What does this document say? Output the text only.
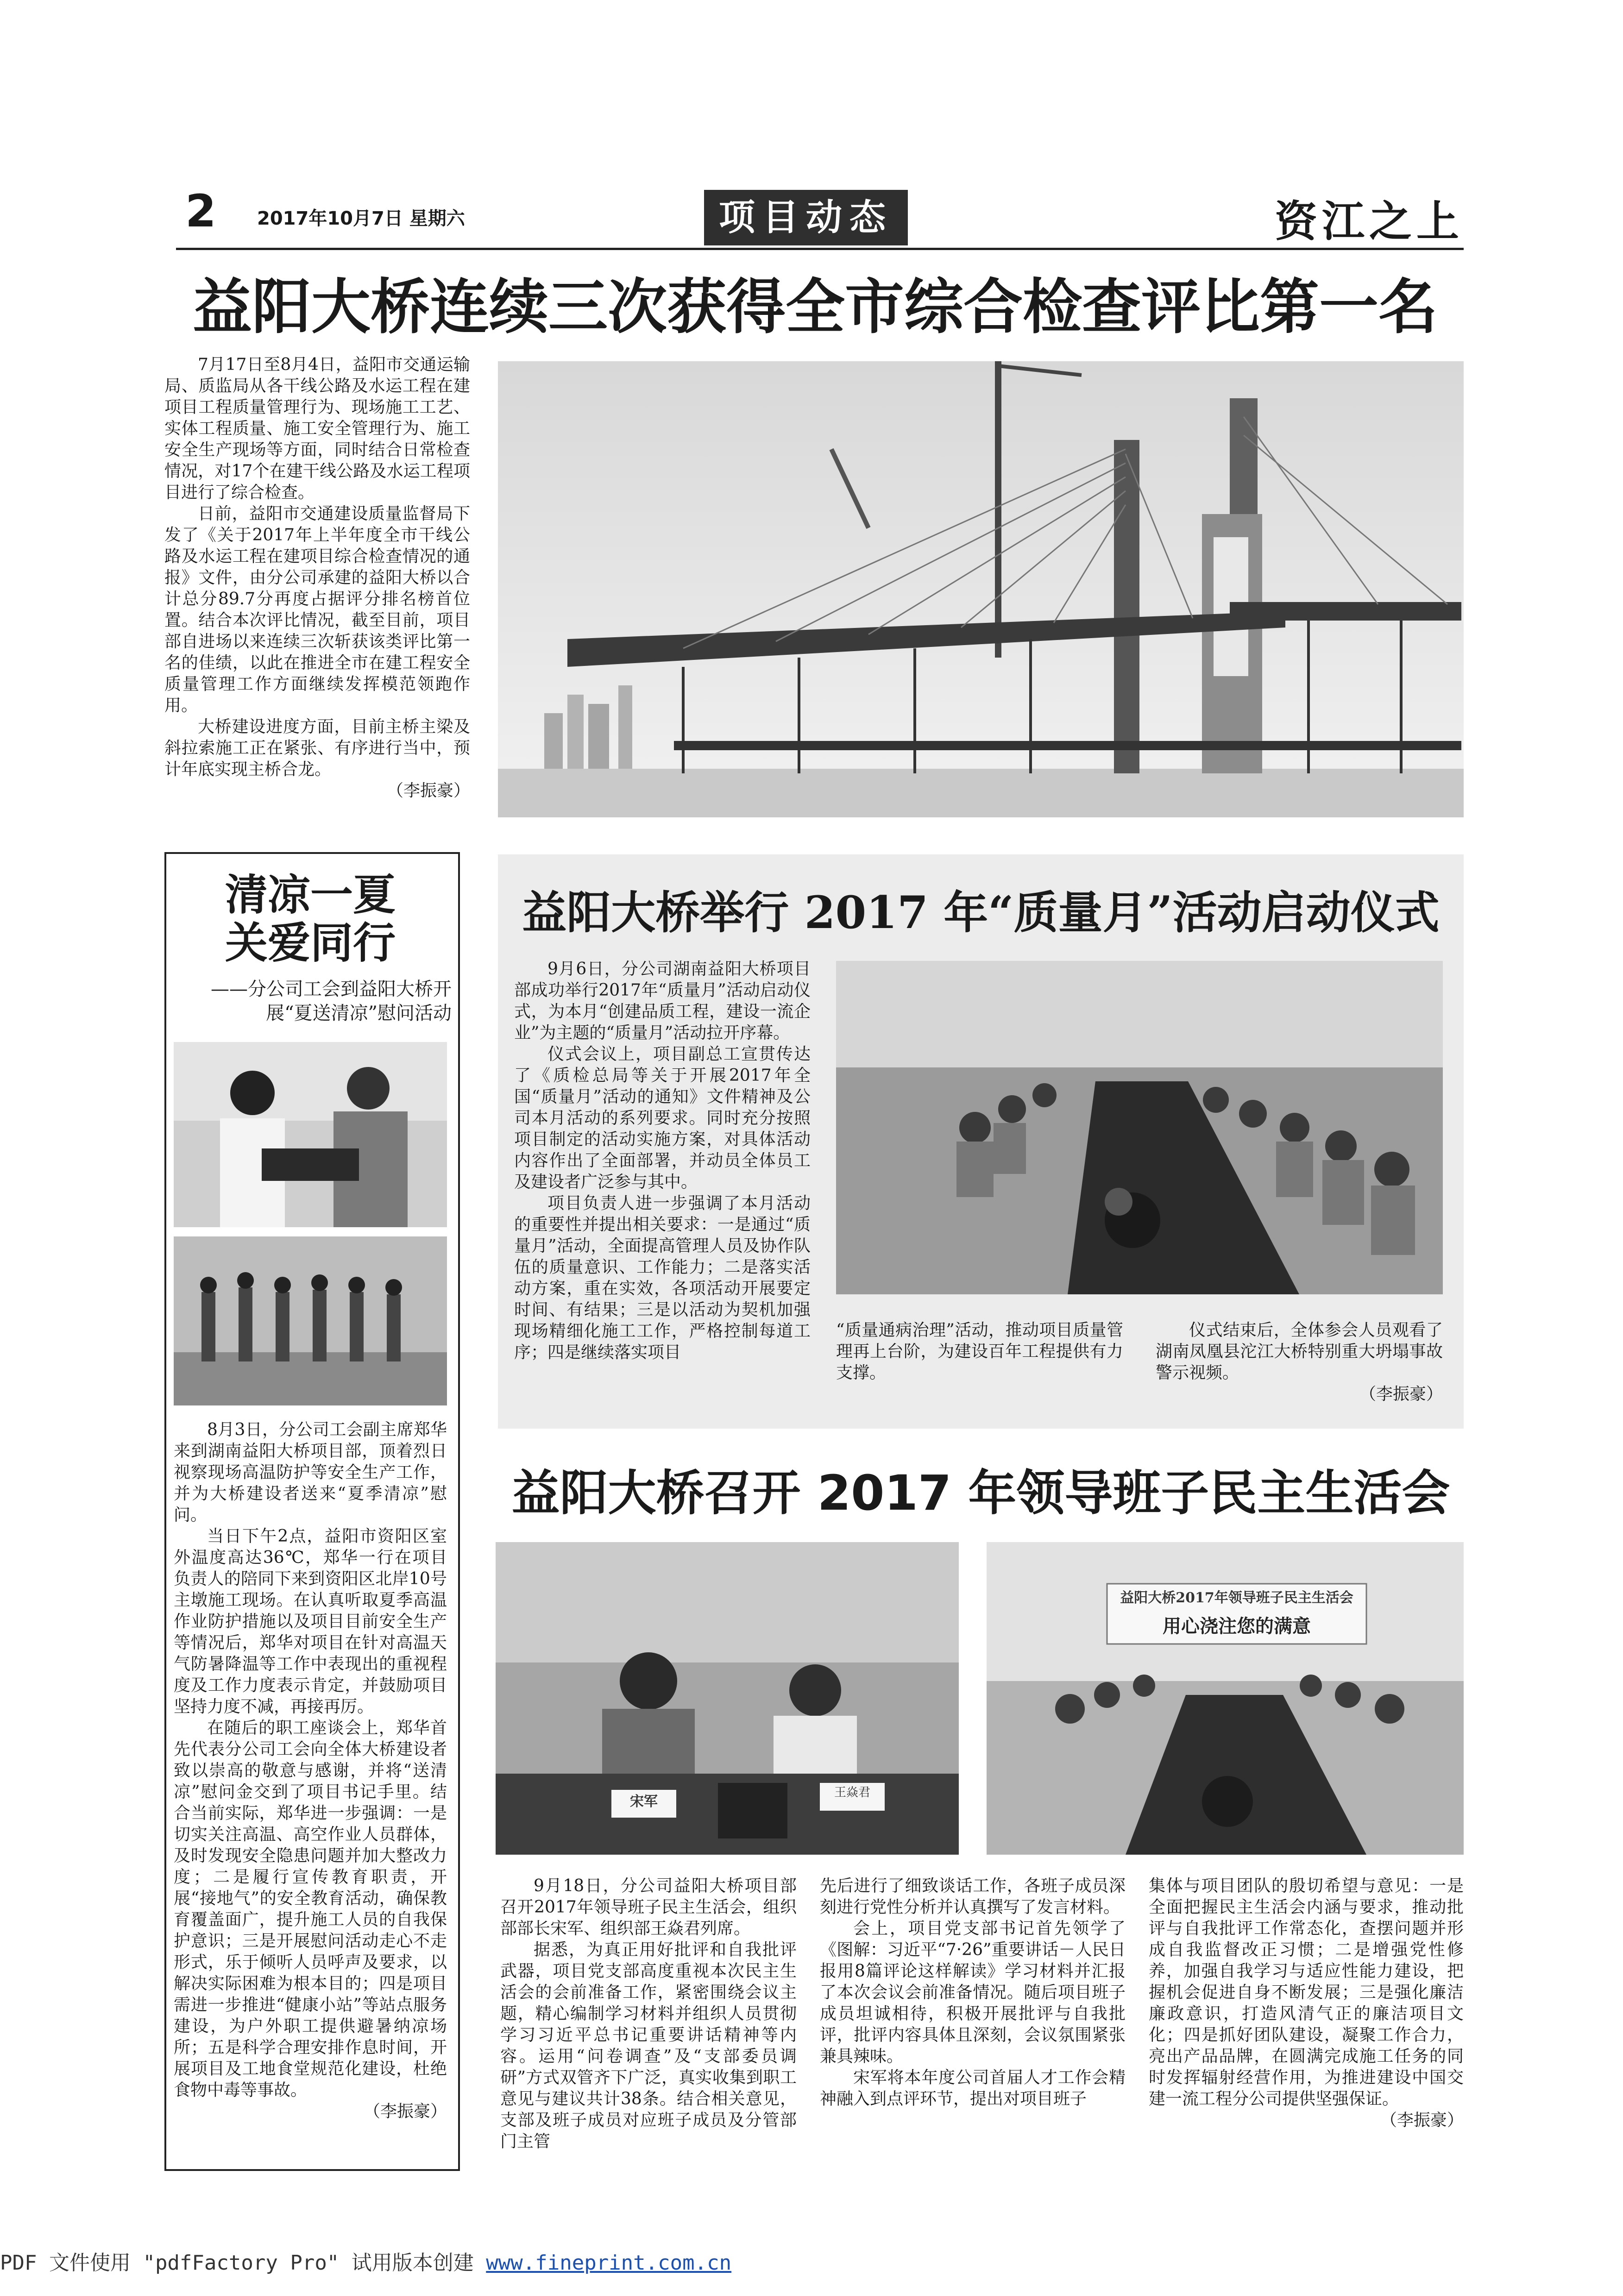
2 2017年10月7日 星期六	项目动态	资江之上
益阳大桥连续三次获得全市综合检查评比第一名

7月17日至8月4日，益阳市交通运输局、质监局从各干线公路及水运工程在建项目工程质量管理行为、现场施工工艺、实体工程质量、施工安全管理行为、施工安全生产现场等方面，同时结合日常检查情况，对17个在建干线公路及水运工程项目进行了综合检查。

日前，益阳市交通建设质量监督局下发了《关于2017年上半年度全市干线公路及水运工程在建项目综合检查情况的通报》文件，由分公司承建的益阳大桥以合计总分89.7分再度占据评分排名榜首位置。结合本次评比情况，截至目前，项目部自进场以来连续三次斩获该类评比第一名的佳绩，以此在推进全市在建工程安全质量管理工作方面继续发挥模范领跑作用。

大桥建设进度方面，目前主桥主梁及斜拉索施工正在紧张、有序进行当中，预计年底实现主桥合龙。

（李振豪）
清凉一夏
关爱同行
——分公司工会到益阳大桥开展“夏送清凉”慰问活动

8月3日，分公司工会副主席郑华来到湖南益阳大桥项目部，顶着烈日视察现场高温防护等安全生产工作，并为大桥建设者送来“夏季清凉”慰问。

当日下午2点，益阳市资阳区室外温度高达36℃，郑华一行在项目负责人的陪同下来到资阳区北岸10号主墩施工现场。在认真听取夏季高温作业防护措施以及项目目前安全生产等情况后，郑华对项目在针对高温天气防暑降温等工作中表现出的重视程度及工作力度表示肯定，并鼓励项目坚持力度不减，再接再厉。

在随后的职工座谈会上，郑华首先代表分公司工会向全体大桥建设者致以崇高的敬意与感谢，并将“送清凉”慰问金交到了项目书记手里。结合当前实际，郑华进一步强调：一是切实关注高温、高空作业人员群体，及时发现安全隐患问题并加大整改力度；二是履行宣传教育职责，开展“接地气”的安全教育活动，确保教育覆盖面广，提升施工人员的自我保护意识；三是开展慰问活动走心不走形式，乐于倾听人员呼声及要求，以解决实际困难为根本目的；四是项目需进一步推进“健康小站”等站点服务建设，为户外职工提供避暑纳凉场所；五是科学合理安排作息时间，开展项目及工地食堂规范化建设，杜绝食物中毒等事故。

（李振豪）
益阳大桥举行 2017 年“质量月”活动启动仪式

9月6日，分公司湖南益阳大桥项目部成功举行2017年“质量月”活动启动仪式，为本月“创建品质工程，建设一流企业”为主题的“质量月”活动拉开序幕。

仪式会议上，项目副总工宣贯传达了《质检总局等关于开展2017年全国“质量月”活动的通知》文件精神及公司本月活动的系列要求。同时充分按照项目制定的活动实施方案，对具体活动内容作出了全面部署，并动员全体员工及建设者广泛参与其中。

项目负责人进一步强调了本月活动的重要性并提出相关要求：一是通过“质量月”活动，全面提高管理人员及协作队伍的质量意识、工作能力；二是落实活动方案，重在实效，各项活动开展要定时间、有结果；三是以活动为契机加强现场精细化施工工作，严格控制每道工序；四是继续落实项目

“质量通病治理”活动，推动项目质量管理再上台阶，为建设百年工程提供有力支撑。

仪式结束后，全体参会人员观看了湖南凤凰县沱江大桥特别重大坍塌事故警示视频。

（李振豪）
益阳大桥召开 2017 年领导班子民主生活会
宋军
王焱君
益阳大桥2017年领导班子民主生活会
用心浇注您的满意

9月18日，分公司益阳大桥项目部召开2017年领导班子民主生活会，组织部部长宋军、组织部王焱君列席。

据悉，为真正用好批评和自我批评武器，项目党支部高度重视本次民主生活会的会前准备工作，紧密围绕会议主题，精心编制学习材料并组织人员贯彻学习习近平总书记重要讲话精神等内容。运用“问卷调查”及“支部委员调研”方式双管齐下广泛，真实收集到职工意见与建议共计38条。结合相关意见，支部及班子成员对应班子成员及分管部门主管

先后进行了细致谈话工作，各班子成员深刻进行党性分析并认真撰写了发言材料。

会上，项目党支部书记首先领学了《图解：习近平“7·26”重要讲话－人民日报用8篇评论这样解读》学习材料并汇报了本次会议会前准备情况。随后项目班子成员坦诚相待，积极开展批评与自我批评，批评内容具体且深刻，会议氛围紧张兼具辣味。

宋军将本年度公司首届人才工作会精神融入到点评环节，提出对项目班子

集体与项目团队的殷切希望与意见：一是全面把握民主生活会内涵与要求，推动批评与自我批评工作常态化，查摆问题并形成自我监督改正习惯；二是增强党性修养，加强自我学习与适应性能力建设，把握机会促进自身不断发展；三是强化廉洁廉政意识，打造风清气正的廉洁项目文化；四是抓好团队建设，凝聚工作合力，亮出产品品牌，在圆满完成施工任务的同时发挥辐射经营作用，为推进建设中国交建一流工程分公司提供坚强保证。

（李振豪）
PDF 文件使用 "pdfFactory Pro" 试用版本创建 www.fineprint.com.cn
